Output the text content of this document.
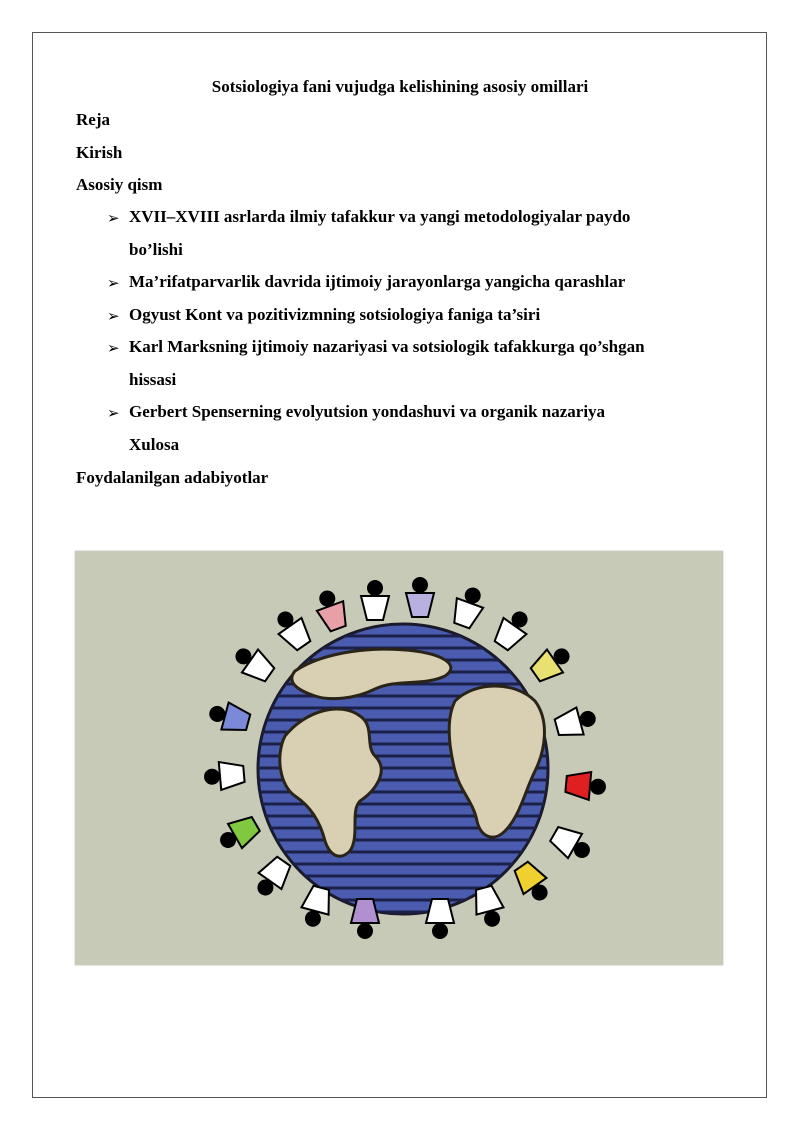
Sotsiologiya fani vujudga kelishining asosiy omillari
Reja
Kirish
Asosiy qism
➢ XVII–XVIII asrlarda ilmiy tafakkur va yangi metodologiyalar paydo
bo’lishi
➢ Ma’rifatparvarlik davrida ijtimoiy jarayonlarga yangicha qarashlar
➢ Ogyust Kont va pozitivizmning sotsiologiya faniga ta’siri
➢ Karl Marksning ijtimoiy nazariyasi va sotsiologik tafakkurga qo’shgan
hissasi
➢ Gerbert Spenserning evolyutsion yondashuvi va organik nazariya
Xulosa
Foydalanilgan adabiyotlar
